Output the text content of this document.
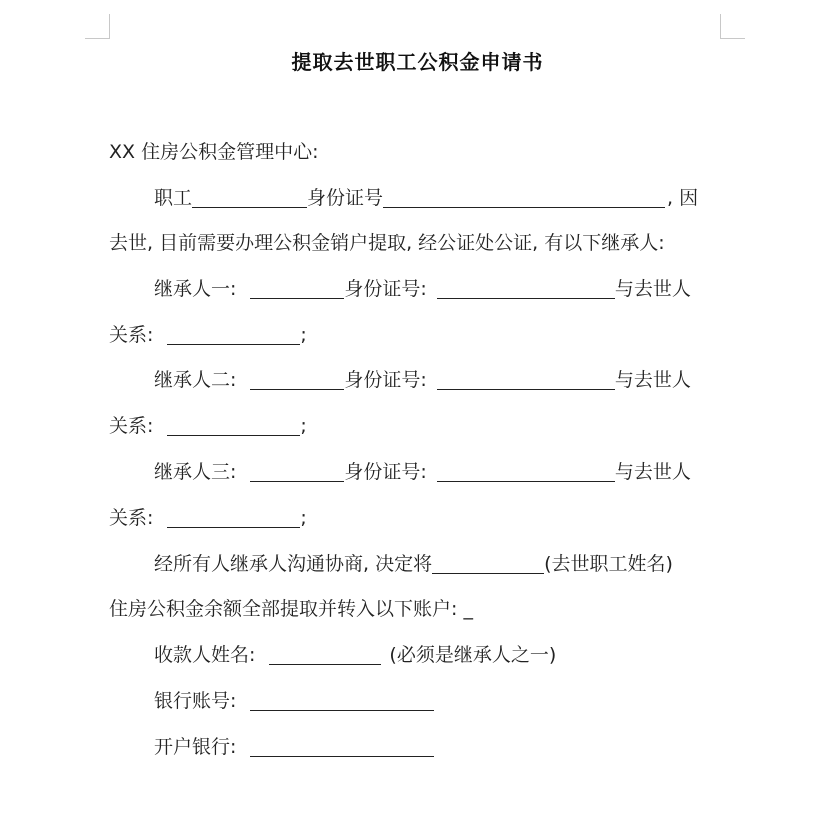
提取去世职工公积金申请书
XX 住房公积金管理中心:
职工	身份证号	, 因
去世, 目前需要办理公积金销户提取, 经公证处公证, 有以下继承人:
继承人一:	身份证号:	与去世人
关系:	;
继承人二:	身份证号:	与去世人
关系:	;
继承人三:	身份证号:	与去世人
关系:	;
经所有人继承人沟通协商, 决定将	(去世职工姓名)
住房公积金余额全部提取并转入以下账户: _
收款人姓名:	(必须是继承人之一)
银行账号:
开户银行:
